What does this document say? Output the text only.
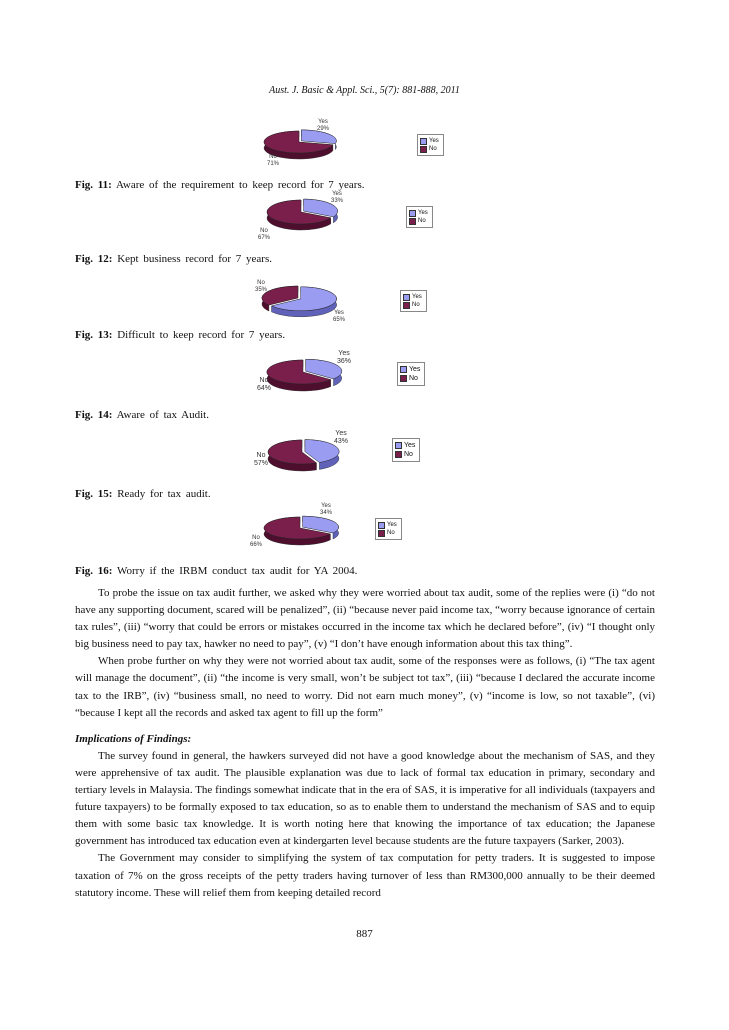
Aust. J. Basic & Appl. Sci., 5(7): 881-888, 2011
Yes
29%
No
71%
Yes
No
Fig. 11: Aware of the requirement to keep record for 7 years.
Yes
33%
No
67%
Yes
No
Fig. 12: Kept business record for 7 years.
No
35%
Yes
65%
Yes
No
Fig. 13: Difficult to keep record for 7 years.
Yes
36%
No
64%
Yes
No
Fig. 14: Aware of tax Audit.
Yes
43%
No
57%
Yes
No
Fig. 15: Ready for tax audit.
Yes
34%
No
66%
Yes
No
Fig. 16: Worry if the IRBM conduct tax audit for YA 2004.

To probe the issue on tax audit further, we asked why they were worried about tax audit, some of the replies were (i) “do not have any supporting document, scared will be penalized”, (ii) “because never paid income tax, “worry because ignorance of certain tax rules”, (iii) “worry that could be errors or mistakes occurred in the income tax which he declared before”, (iv) “I thought only big business need to pay tax, hawker no need to pay”, (v) “I don’t have enough information about this tax thing”.

When probe further on why they were not worried about tax audit, some of the responses were as follows, (i) “The tax agent will manage the document”, (ii) “the income is very small, won’t be subject tot tax”, (iii) “because I declared the accurate income tax to the IRB”, (iv) “business small, no need to worry. Did not earn much money”, (v) “income is low, so not taxable”, (vi) “because I kept all the records and asked tax agent to fill up the form”

Implications of Findings:

The survey found in general, the hawkers surveyed did not have a good knowledge about the mechanism of SAS, and they were apprehensive of tax audit. The plausible explanation was due to lack of formal tax education in primary, secondary and tertiary levels in Malaysia. The findings somewhat indicate that in the era of SAS, it is imperative for all individuals (taxpayers and future taxpayers) to be formally exposed to tax education, so as to enable them to understand the mechanism of SAS and to equip them with some basic tax knowledge. It is worth noting here that knowing the importance of tax education; the Japanese government has introduced tax education even at kindergarten level because students are the future taxpayers (Sarker, 2003).

The Government may consider to simplifying the system of tax computation for petty traders. It is suggested to impose taxation of 7% on the gross receipts of the petty traders having turnover of less than RM300,000 annually to be their deemed statutory income. These will relief them from keeping detailed record

887
